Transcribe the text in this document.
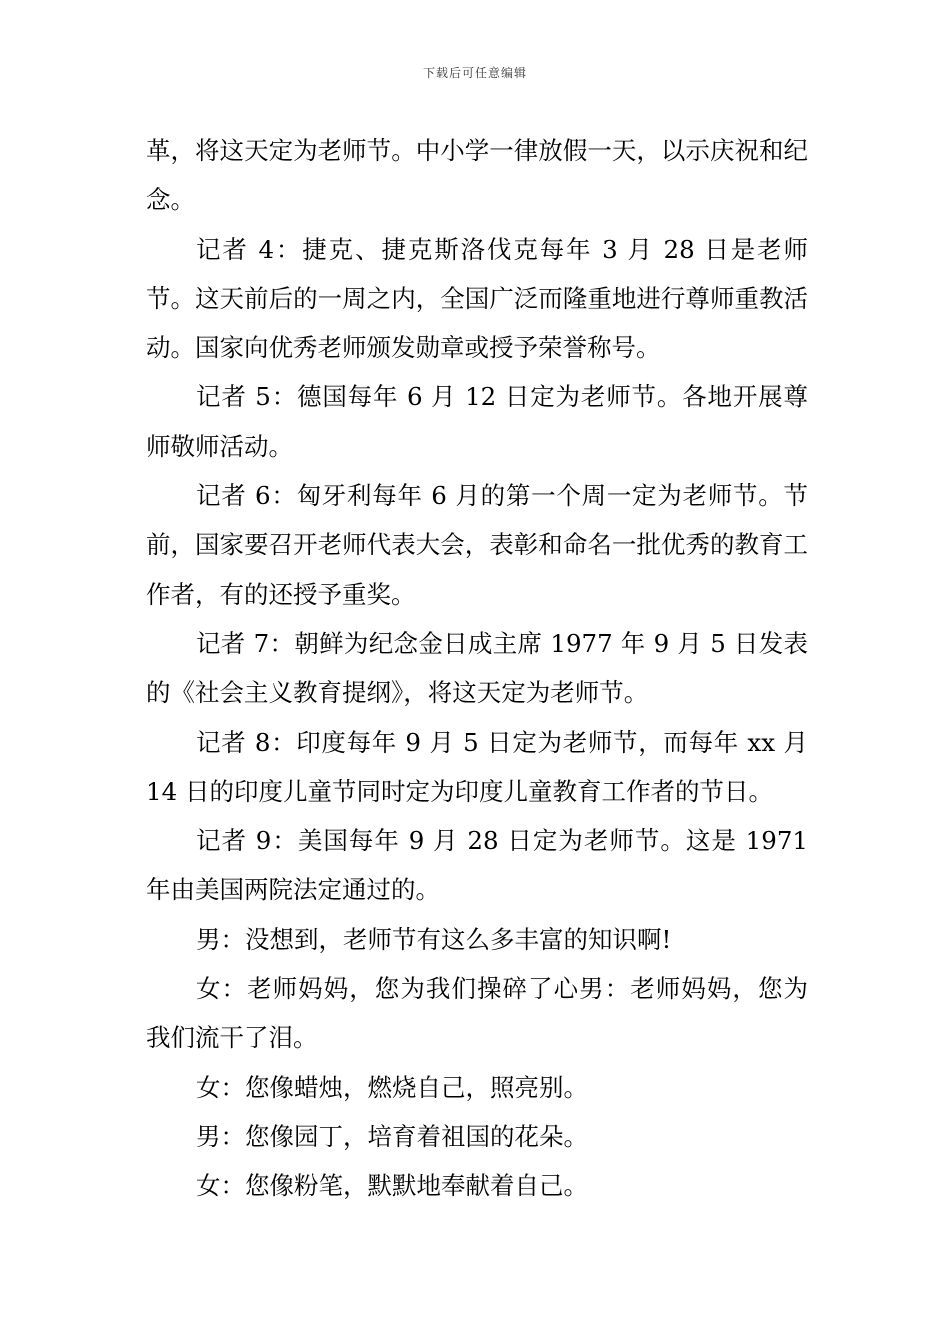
下载后可任意编辑

革，将这天定为老师节。中小学一律放假一天，以示庆祝和纪念。

记者 4：捷克、捷克斯洛伐克每年 3 月 28 日是老师节。这天前后的一周之内，全国广泛而隆重地进行尊师重教活动。国家向优秀老师颁发勋章或授予荣誉称号。

记者 5：德国每年 6 月 12 日定为老师节。各地开展尊师敬师活动。

记者 6：匈牙利每年 6 月的第一个周一定为老师节。节前，国家要召开老师代表大会，表彰和命名一批优秀的教育工作者，有的还授予重奖。

记者 7：朝鲜为纪念金日成主席 1977 年 9 月 5 日发表的《社会主义教育提纲》，将这天定为老师节。

记者 8：印度每年 9 月 5 日定为老师节，而每年 xx 月 14 日的印度儿童节同时定为印度儿童教育工作者的节日。

记者 9：美国每年 9 月 28 日定为老师节。这是 1971 年由美国两院法定通过的。

男：没想到，老师节有这么多丰富的知识啊!

女：老师妈妈，您为我们操碎了心男：老师妈妈，您为我们流干了泪。

女：您像蜡烛，燃烧自己，照亮别。

男：您像园丁，培育着祖国的花朵。

女：您像粉笔，默默地奉献着自己。
